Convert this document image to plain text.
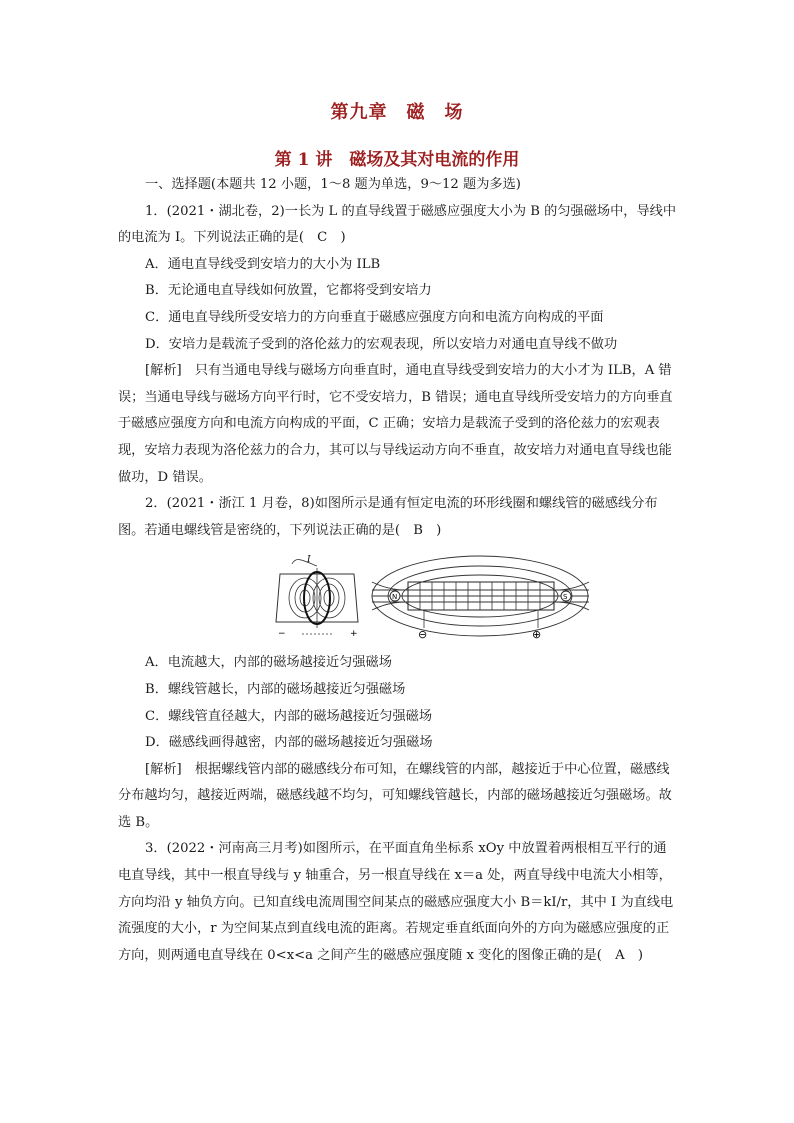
第九章　磁　场
第 1 讲　磁场及其对电流的作用

一、选择题(本题共 12 小题，1～8 题为单选，9～12 题为多选)

1．(2021・湖北卷，2)一长为 L 的直导线置于磁感应强度大小为 B 的匀强磁场中，导线中的电流为 I。下列说法正确的是(　C　)

A．通电直导线受到安培力的大小为 ILB

B．无论通电直导线如何放置，它都将受到安培力

C．通电直导线所受安培力的方向垂直于磁感应强度方向和电流方向构成的平面

D．安培力是载流子受到的洛伦兹力的宏观表现，所以安培力对通电直导线不做功

[解析]　只有当通电导线与磁场方向垂直时，通电直导线受到安培力的大小才为 ILB，A 错误；当通电导线与磁场方向平行时，它不受安培力，B 错误；通电直导线所受安培力的方向垂直于磁感应强度方向和电流方向构成的平面，C 正确；安培力是载流子受到的洛伦兹力的宏观表现，安培力表现为洛伦兹力的合力，其可以与导线运动方向不垂直，故安培力对通电直导线也能做功，D 错误。

2．(2021・浙江 1 月卷，8)如图所示是通有恒定电流的环形线圈和螺线管的磁感线分布图。若通电螺线管是密绕的，下列说法正确的是(　B　)

I
−	+
N	S
⊖	⊕

A．电流越大，内部的磁场越接近匀强磁场

B．螺线管越长，内部的磁场越接近匀强磁场

C．螺线管直径越大，内部的磁场越接近匀强磁场

D．磁感线画得越密，内部的磁场越接近匀强磁场

[解析]　根据螺线管内部的磁感线分布可知，在螺线管的内部，越接近于中心位置，磁感线分布越均匀，越接近两端，磁感线越不均匀，可知螺线管越长，内部的磁场越接近匀强磁场。故选 B。

3．(2022・河南高三月考)如图所示，在平面直角坐标系 xOy 中放置着两根相互平行的通电直导线，其中一根直导线与 y 轴重合，另一根直导线在 x＝a 处，两直导线中电流大小相等，方向均沿 y 轴负方向。已知直线电流周围空间某点的磁感应强度大小 B＝kI/r，其中 I 为直线电流强度的大小，r 为空间某点到直线电流的距离。若规定垂直纸面向外的方向为磁感应强度的正方向，则两通电直导线在 0<x<a 之间产生的磁感应强度随 x 变化的图像正确的是(　A　)
